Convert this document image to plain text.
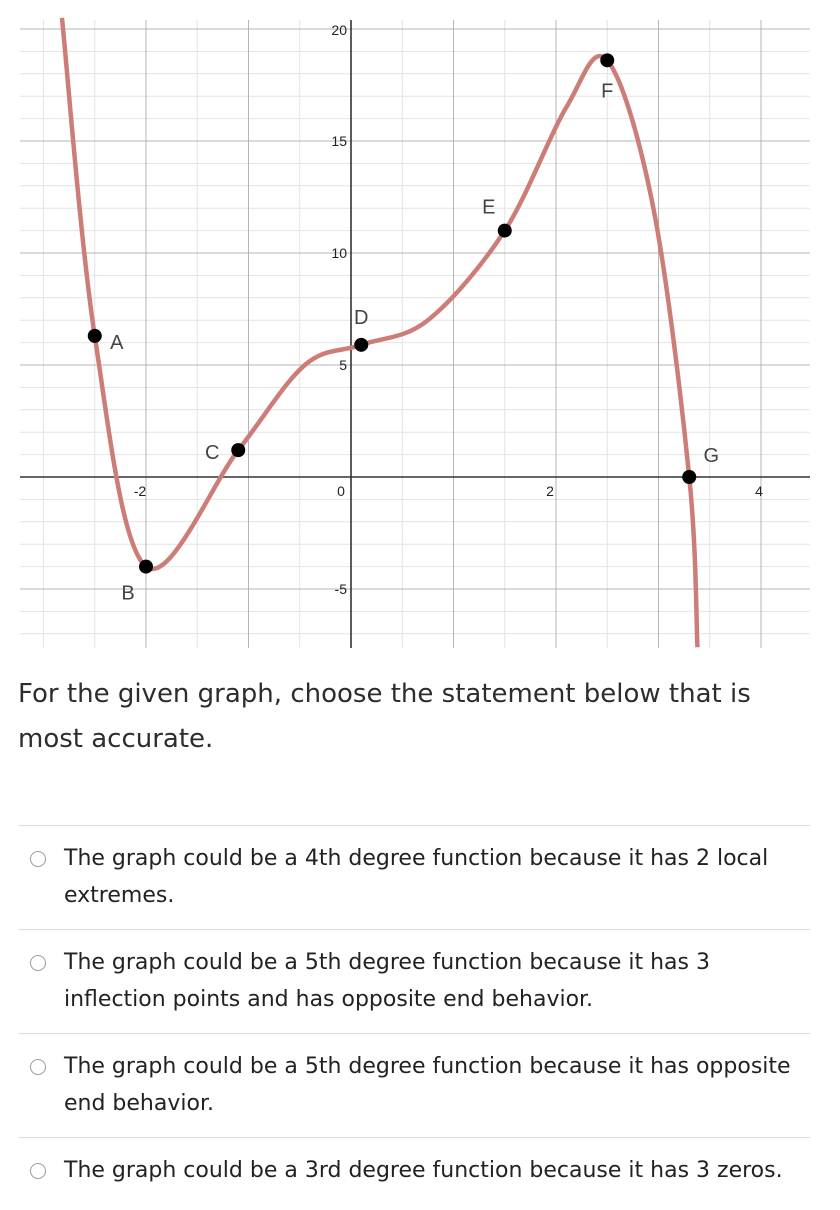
-2	0	2	4
20
15
10
5
-5
A
B
C
D
E
F
G

For the given graph, choose the statement below that is most accurate.

The graph could be a 4th degree function because it has 2 local extremes.
The graph could be a 5th degree function because it has 3 inflection points and has opposite end behavior.
The graph could be a 5th degree function because it has opposite end behavior.
The graph could be a 3rd degree function because it has 3 zeros.
